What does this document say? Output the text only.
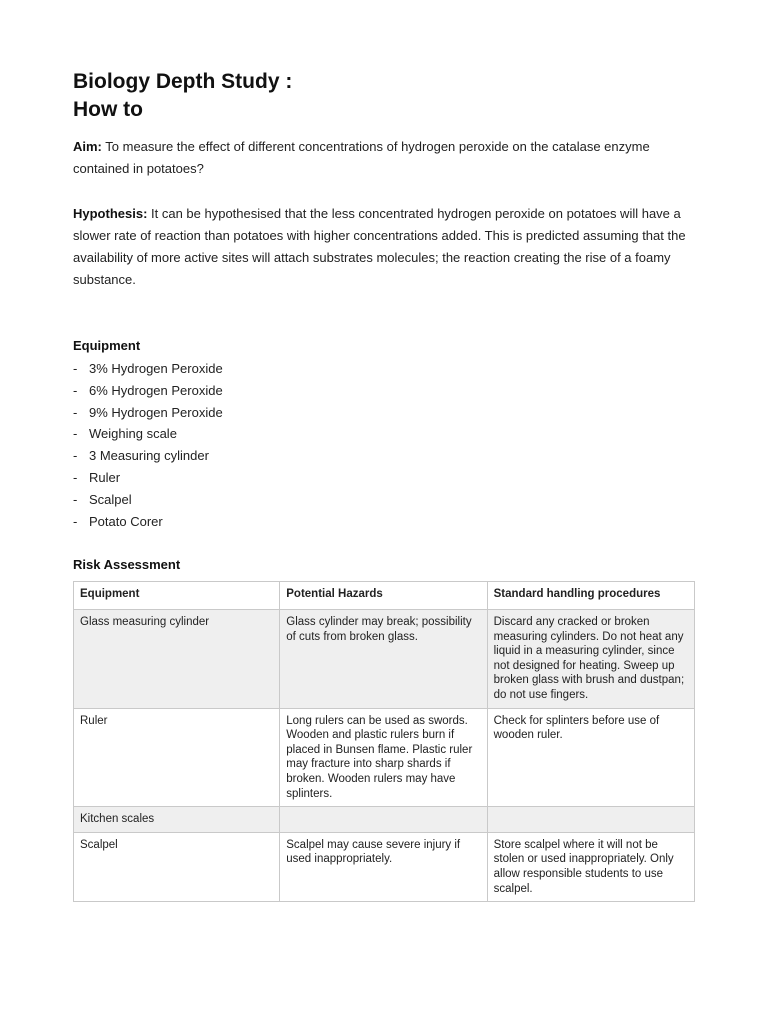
Biology Depth Study :
How to

Aim: To measure the effect of different concentrations of hydrogen peroxide on the catalase enzyme contained in potatoes?

Hypothesis: It can be hypothesised that the less concentrated hydrogen peroxide on potatoes will have a slower rate of reaction than potatoes with higher concentrations added. This is predicted assuming that the availability of more active sites will attach substrates molecules; the reaction creating the rise of a foamy substance.

Equipment
- 3% Hydrogen Peroxide
- 6% Hydrogen Peroxide
- 9% Hydrogen Peroxide
- Weighing scale
- 3 Measuring cylinder
- Ruler
- Scalpel
- Potato Corer
Risk Assessment
Equipment	Potential Hazards	Standard handling procedures
Glass measuring cylinder	Glass cylinder may break; possibility of cuts from broken glass.	Discard any cracked or broken measuring cylinders. Do not heat any liquid in a measuring cylinder, since not designed for heating. Sweep up broken glass with brush and dustpan; do not use fingers.
Ruler	Long rulers can be used as swords. Wooden and plastic rulers burn if placed in Bunsen flame. Plastic ruler may fracture into sharp shards if broken. Wooden rulers may have splinters.	Check for splinters before use of wooden ruler.
Kitchen scales		
Scalpel	Scalpel may cause severe injury if used inappropriately.	Store scalpel where it will not be stolen or used inappropriately. Only allow responsible students to use scalpel.
